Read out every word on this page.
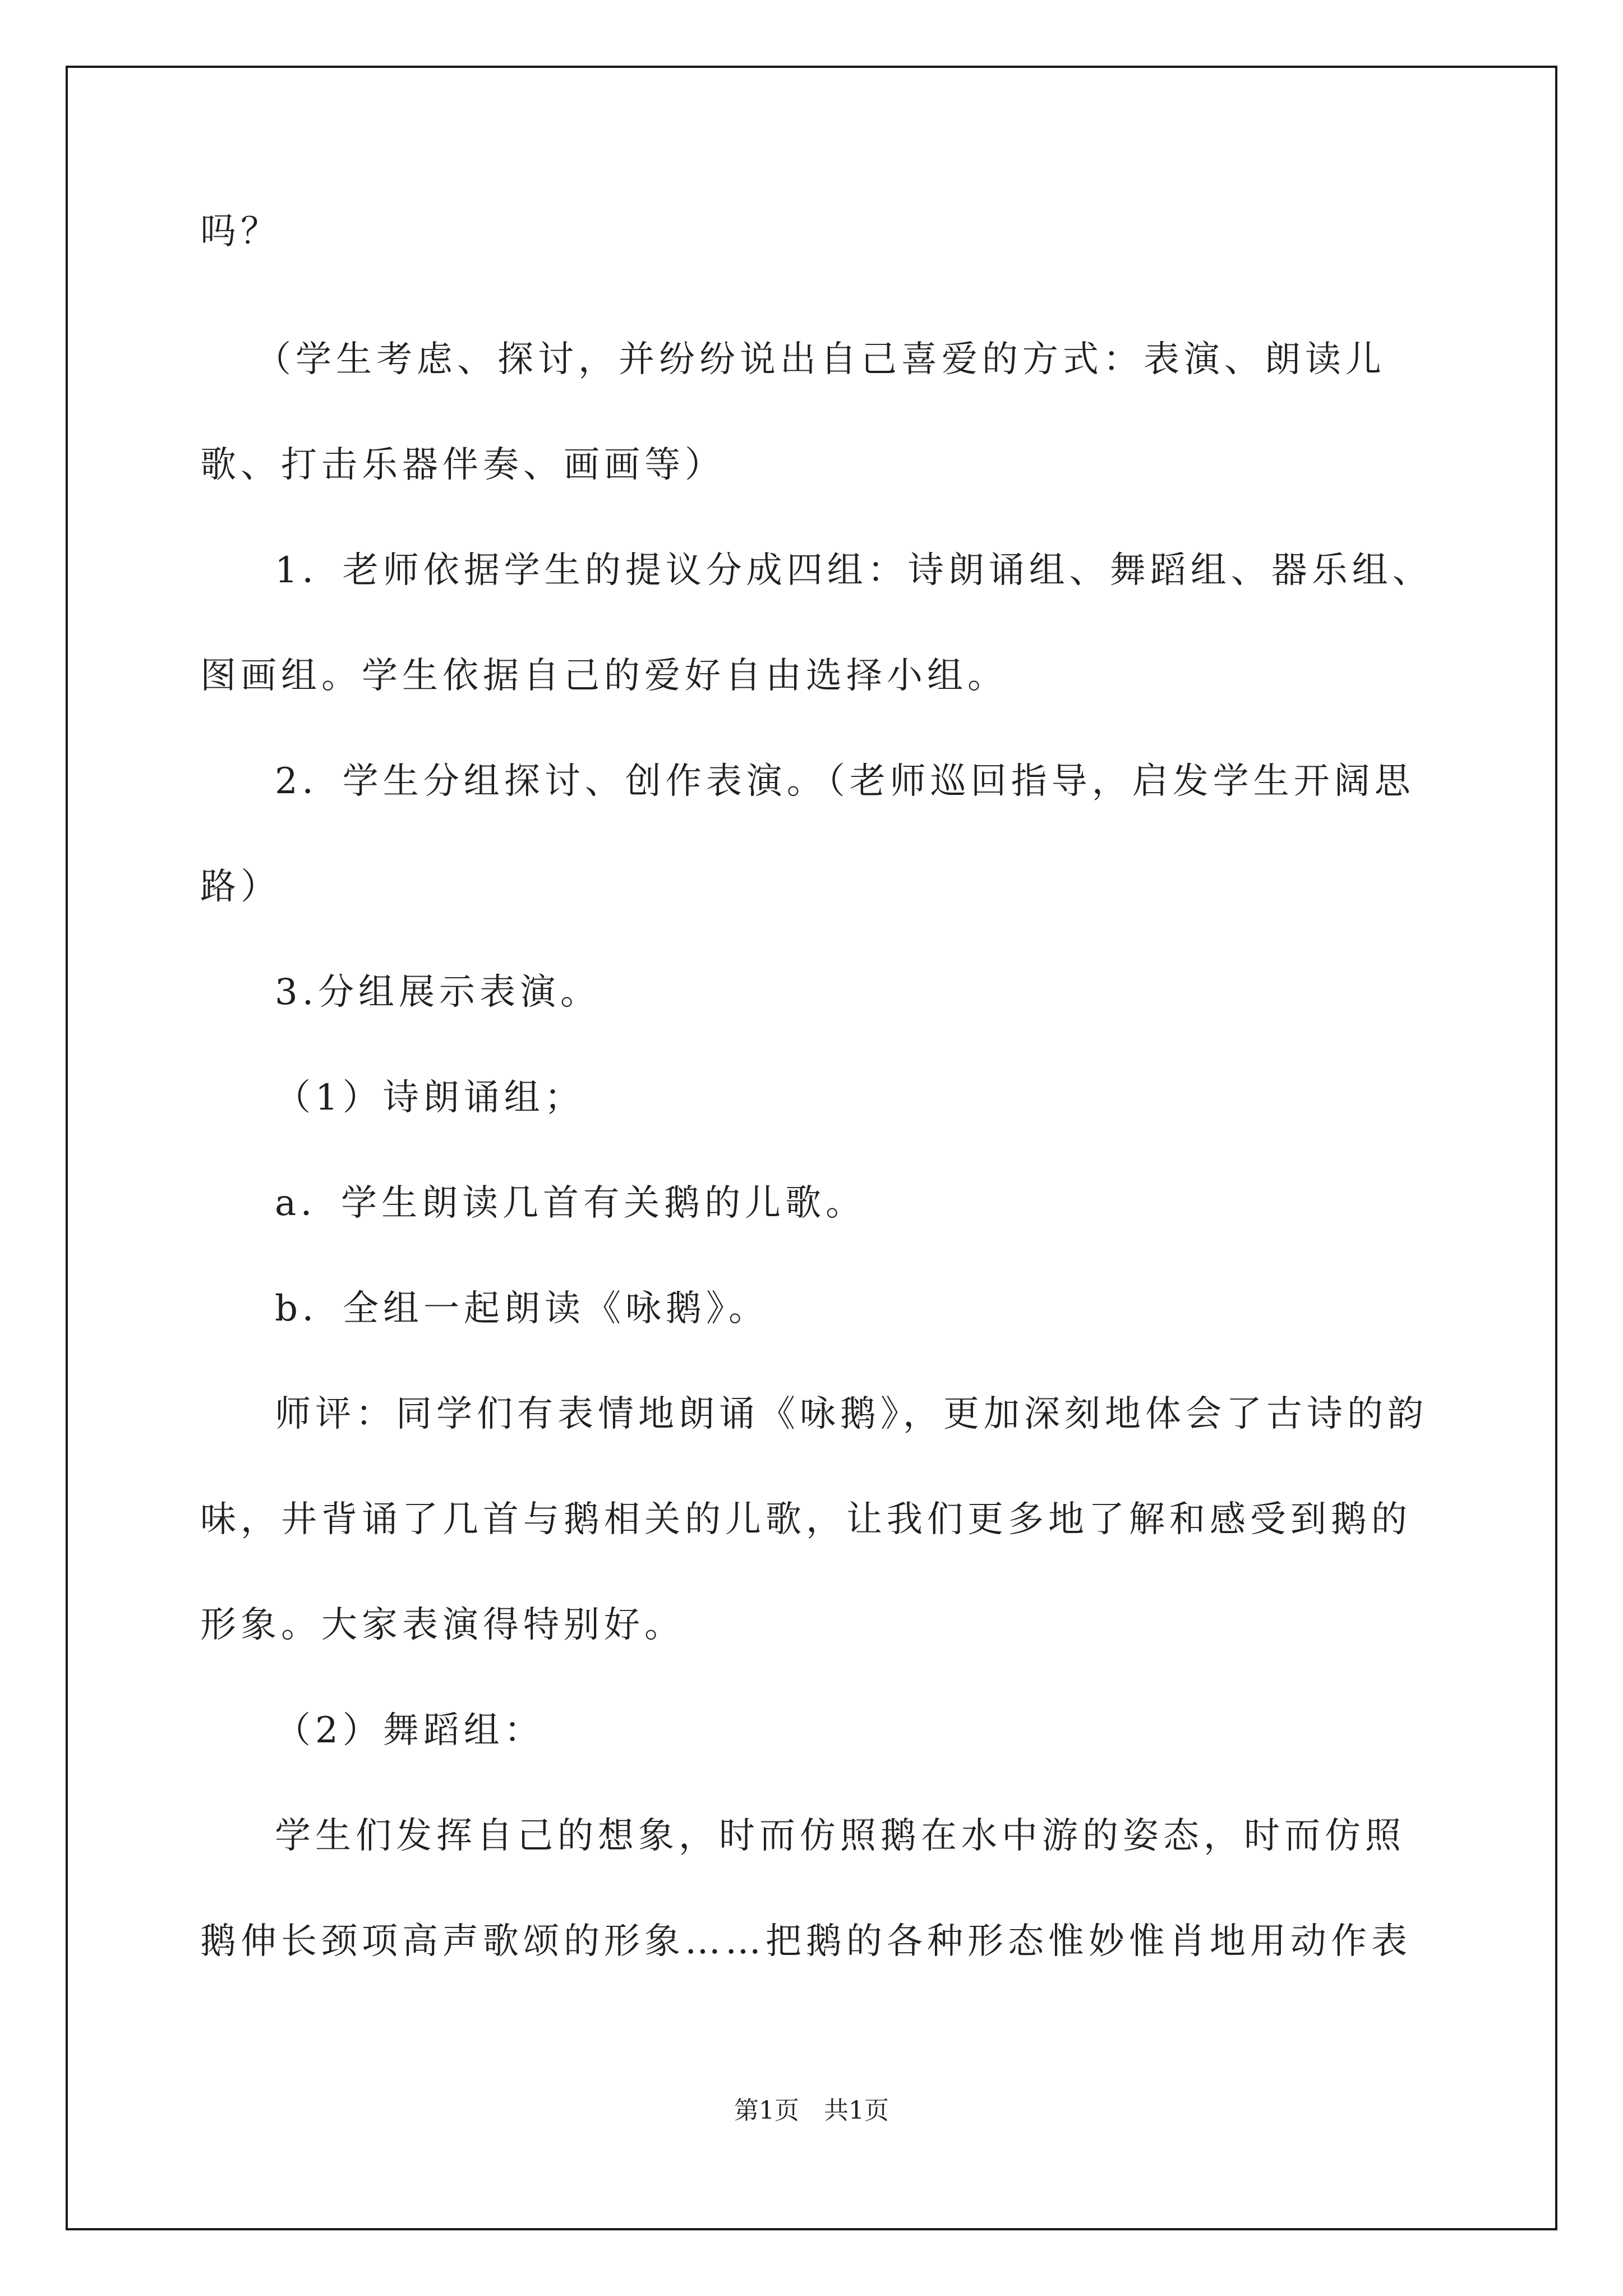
吗？
（学生考虑、探讨，并纷纷说出自己喜爱的方式：表演、朗读儿
歌、打击乐器伴奏、画画等）
1．老师依据学生的提议分成四组：诗朗诵组、舞蹈组、器乐组、
图画组。学生依据自己的爱好自由选择小组。
2．学生分组探讨、创作表演。（老师巡回指导，启发学生开阔思
路）
3.分组展示表演。
（1）诗朗诵组；
a．学生朗读几首有关鹅的儿歌。
b．全组一起朗读《咏鹅》。
师评：同学们有表情地朗诵《咏鹅》，更加深刻地体会了古诗的韵
味，井背诵了几首与鹅相关的儿歌，让我们更多地了解和感受到鹅的
形象。大家表演得特别好。
（2）舞蹈组：
学生们发挥自己的想象，时而仿照鹅在水中游的姿态，时而仿照
鹅伸长颈项高声歌颂的形象……把鹅的各种形态惟妙惟肖地用动作表
第1页　共1页
